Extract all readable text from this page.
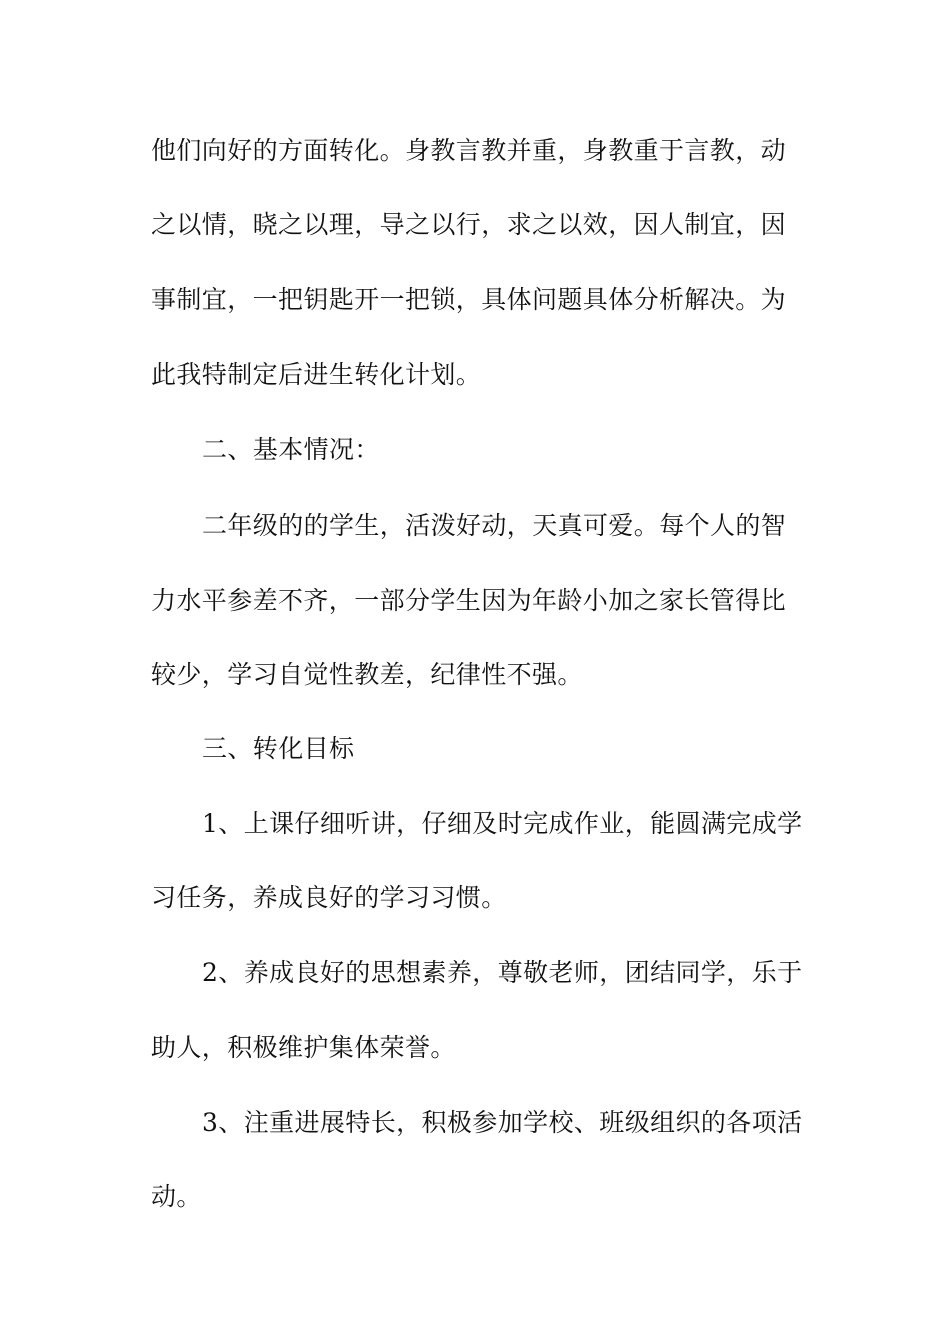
他们向好的方面转化。身教言教并重，身教重于言教，动
之以情，晓之以理，导之以行，求之以效，因人制宜，因
事制宜，一把钥匙开一把锁，具体问题具体分析解决。为
此我特制定后进生转化计划。
二、基本情况：
二年级的的学生，活泼好动，天真可爱。每个人的智
力水平参差不齐，一部分学生因为年龄小加之家长管得比
较少，学习自觉性教差，纪律性不强。
三、转化目标
1、上课仔细听讲，仔细及时完成作业，能圆满完成学
习任务，养成良好的学习习惯。
2、养成良好的思想素养，尊敬老师，团结同学，乐于
助人，积极维护集体荣誉。
3、注重进展特长，积极参加学校、班级组织的各项活
动。
